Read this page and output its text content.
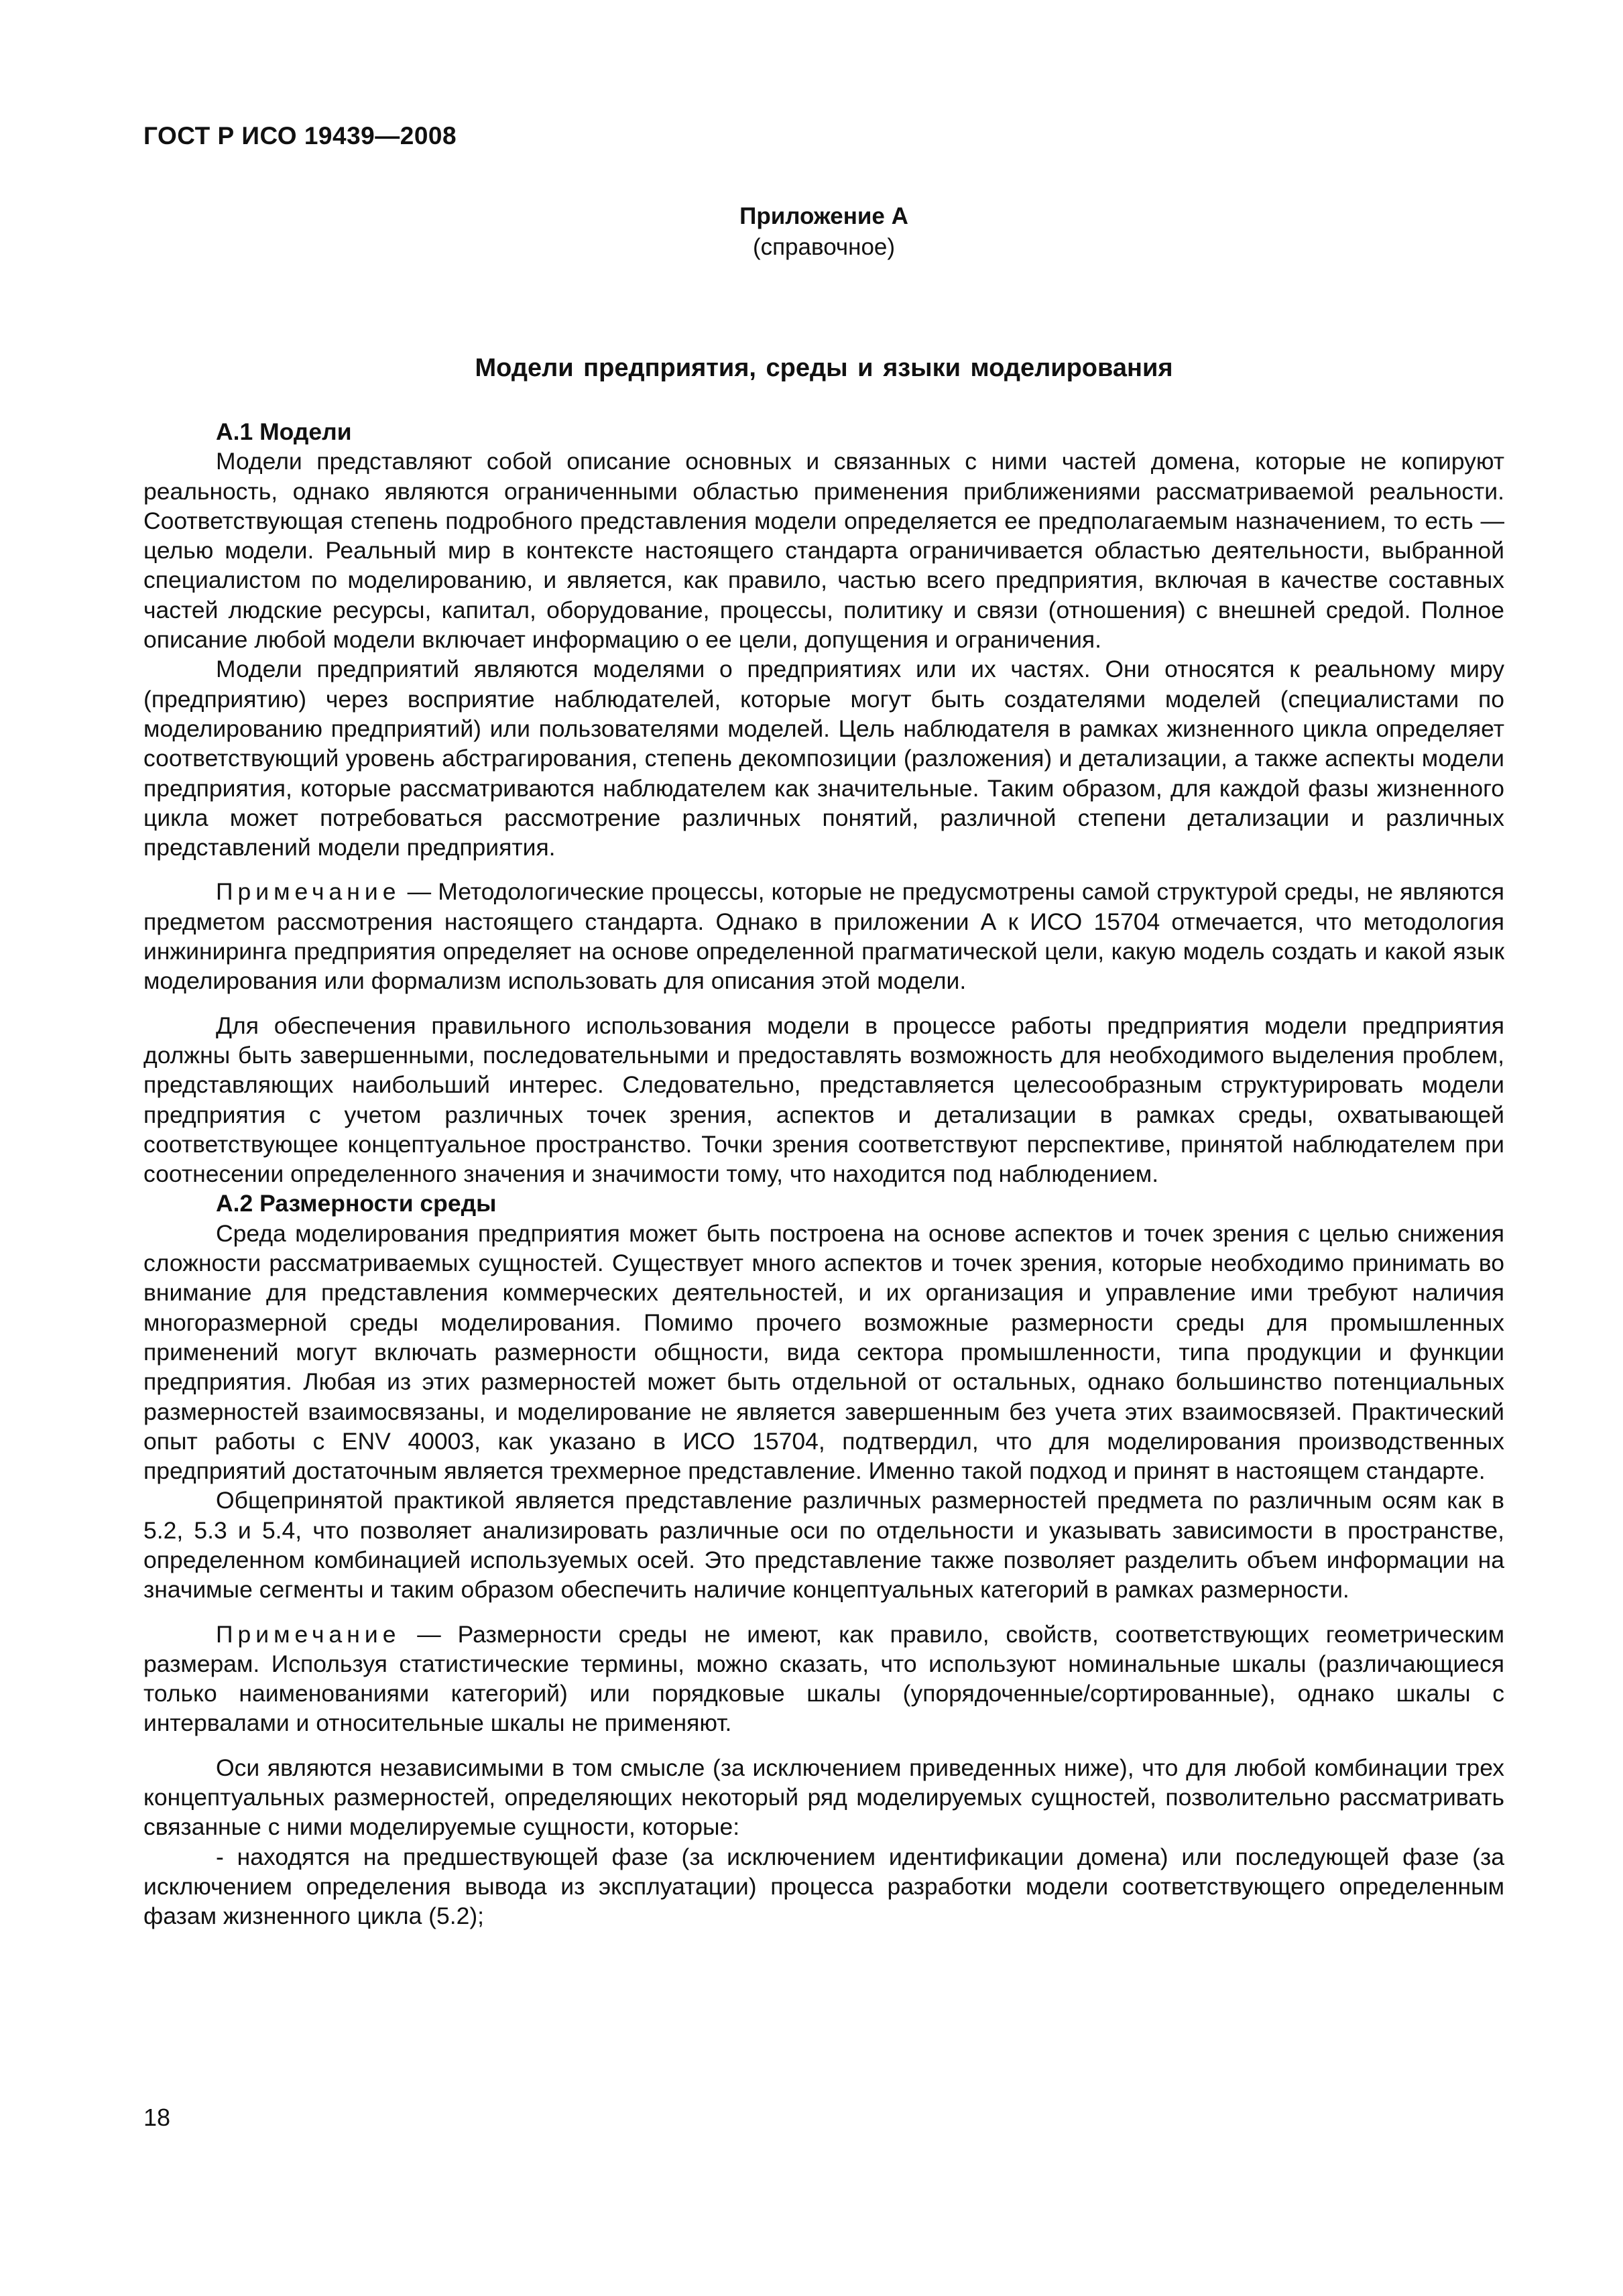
ГОСТ Р ИСО 19439—2008
Приложение А
(справочное)
Модели предприятия, среды и языки моделирования

А.1 Модели

Модели представляют собой описание основных и связанных с ними частей домена, которые не копируют реальность, однако являются ограниченными областью применения приближениями рассматриваемой реальности. Соответствующая степень подробного представления модели определяется ее предполагаемым назначением, то есть — целью модели. Реальный мир в контексте настоящего стандарта ограничивается областью деятельности, выбранной специалистом по моделированию, и является, как правило, частью всего предприятия, включая в качестве составных частей людские ресурсы, капитал, оборудование, процессы, политику и связи (отношения) с внешней средой. Полное описание любой модели включает информацию о ее цели, допущения и ограничения.

Модели предприятий являются моделями о предприятиях или их частях. Они относятся к реальному миру (предприятию) через восприятие наблюдателей, которые могут быть создателями моделей (специалистами по моделированию предприятий) или пользователями моделей. Цель наблюдателя в рамках жизненного цикла определяет соответствующий уровень абстрагирования, степень декомпозиции (разложения) и детализации, а также аспекты модели предприятия, которые рассматриваются наблюдателем как значительные. Таким образом, для каждой фазы жизненного цикла может потребоваться рассмотрение различных понятий, различной степени детализации и различных представлений модели предприятия.

Примечание — Методологические процессы, которые не предусмотрены самой структурой среды, не являются предметом рассмотрения настоящего стандарта. Однако в приложении А к ИСО 15704 отмечается, что методология инжиниринга предприятия определяет на основе определенной прагматической цели, какую модель создать и какой язык моделирования или формализм использовать для описания этой модели.

Для обеспечения правильного использования модели в процессе работы предприятия модели предприятия должны быть завершенными, последовательными и предоставлять возможность для необходимого выделения проблем, представляющих наибольший интерес. Следовательно, представляется целесообразным структурировать модели предприятия с учетом различных точек зрения, аспектов и детализации в рамках среды, охватывающей соответствующее концептуальное пространство. Точки зрения соответствуют перспективе, принятой наблюдателем при соотнесении определенного значения и значимости тому, что находится под наблюдением.

А.2 Размерности среды

Среда моделирования предприятия может быть построена на основе аспектов и точек зрения с целью снижения сложности рассматриваемых сущностей. Существует много аспектов и точек зрения, которые необходимо принимать во внимание для представления коммерческих деятельностей, и их организация и управление ими требуют наличия многоразмерной среды моделирования. Помимо прочего возможные размерности среды для промышленных применений могут включать размерности общности, вида сектора промышленности, типа продукции и функции предприятия. Любая из этих размерностей может быть отдельной от остальных, однако большинство потенциальных размерностей взаимосвязаны, и моделирование не является завершенным без учета этих взаимосвязей. Практический опыт работы с ENV 40003, как указано в ИСО 15704, подтвердил, что для моделирования производственных предприятий достаточным является трехмерное представление. Именно такой подход и принят в настоящем стандарте.

Общепринятой практикой является представление различных размерностей предмета по различным осям как в 5.2, 5.3 и 5.4, что позволяет анализировать различные оси по отдельности и указывать зависимости в пространстве, определенном комбинацией используемых осей. Это представление также позволяет разделить объем информации на значимые сегменты и таким образом обеспечить наличие концептуальных категорий в рамках размерности.

Примечание — Размерности среды не имеют, как правило, свойств, соответствующих геометрическим размерам. Используя статистические термины, можно сказать, что используют номинальные шкалы (различающиеся только наименованиями категорий) или порядковые шкалы (упорядоченные/сортированные), однако шкалы с интервалами и относительные шкалы не применяют.

Оси являются независимыми в том смысле (за исключением приведенных ниже), что для любой комбинации трех концептуальных размерностей, определяющих некоторый ряд моделируемых сущностей, позволительно рассматривать связанные с ними моделируемые сущности, которые:

- находятся на предшествующей фазе (за исключением идентификации домена) или последующей фазе (за исключением определения вывода из эксплуатации) процесса разработки модели соответствующего определенным фазам жизненного цикла (5.2);

18
